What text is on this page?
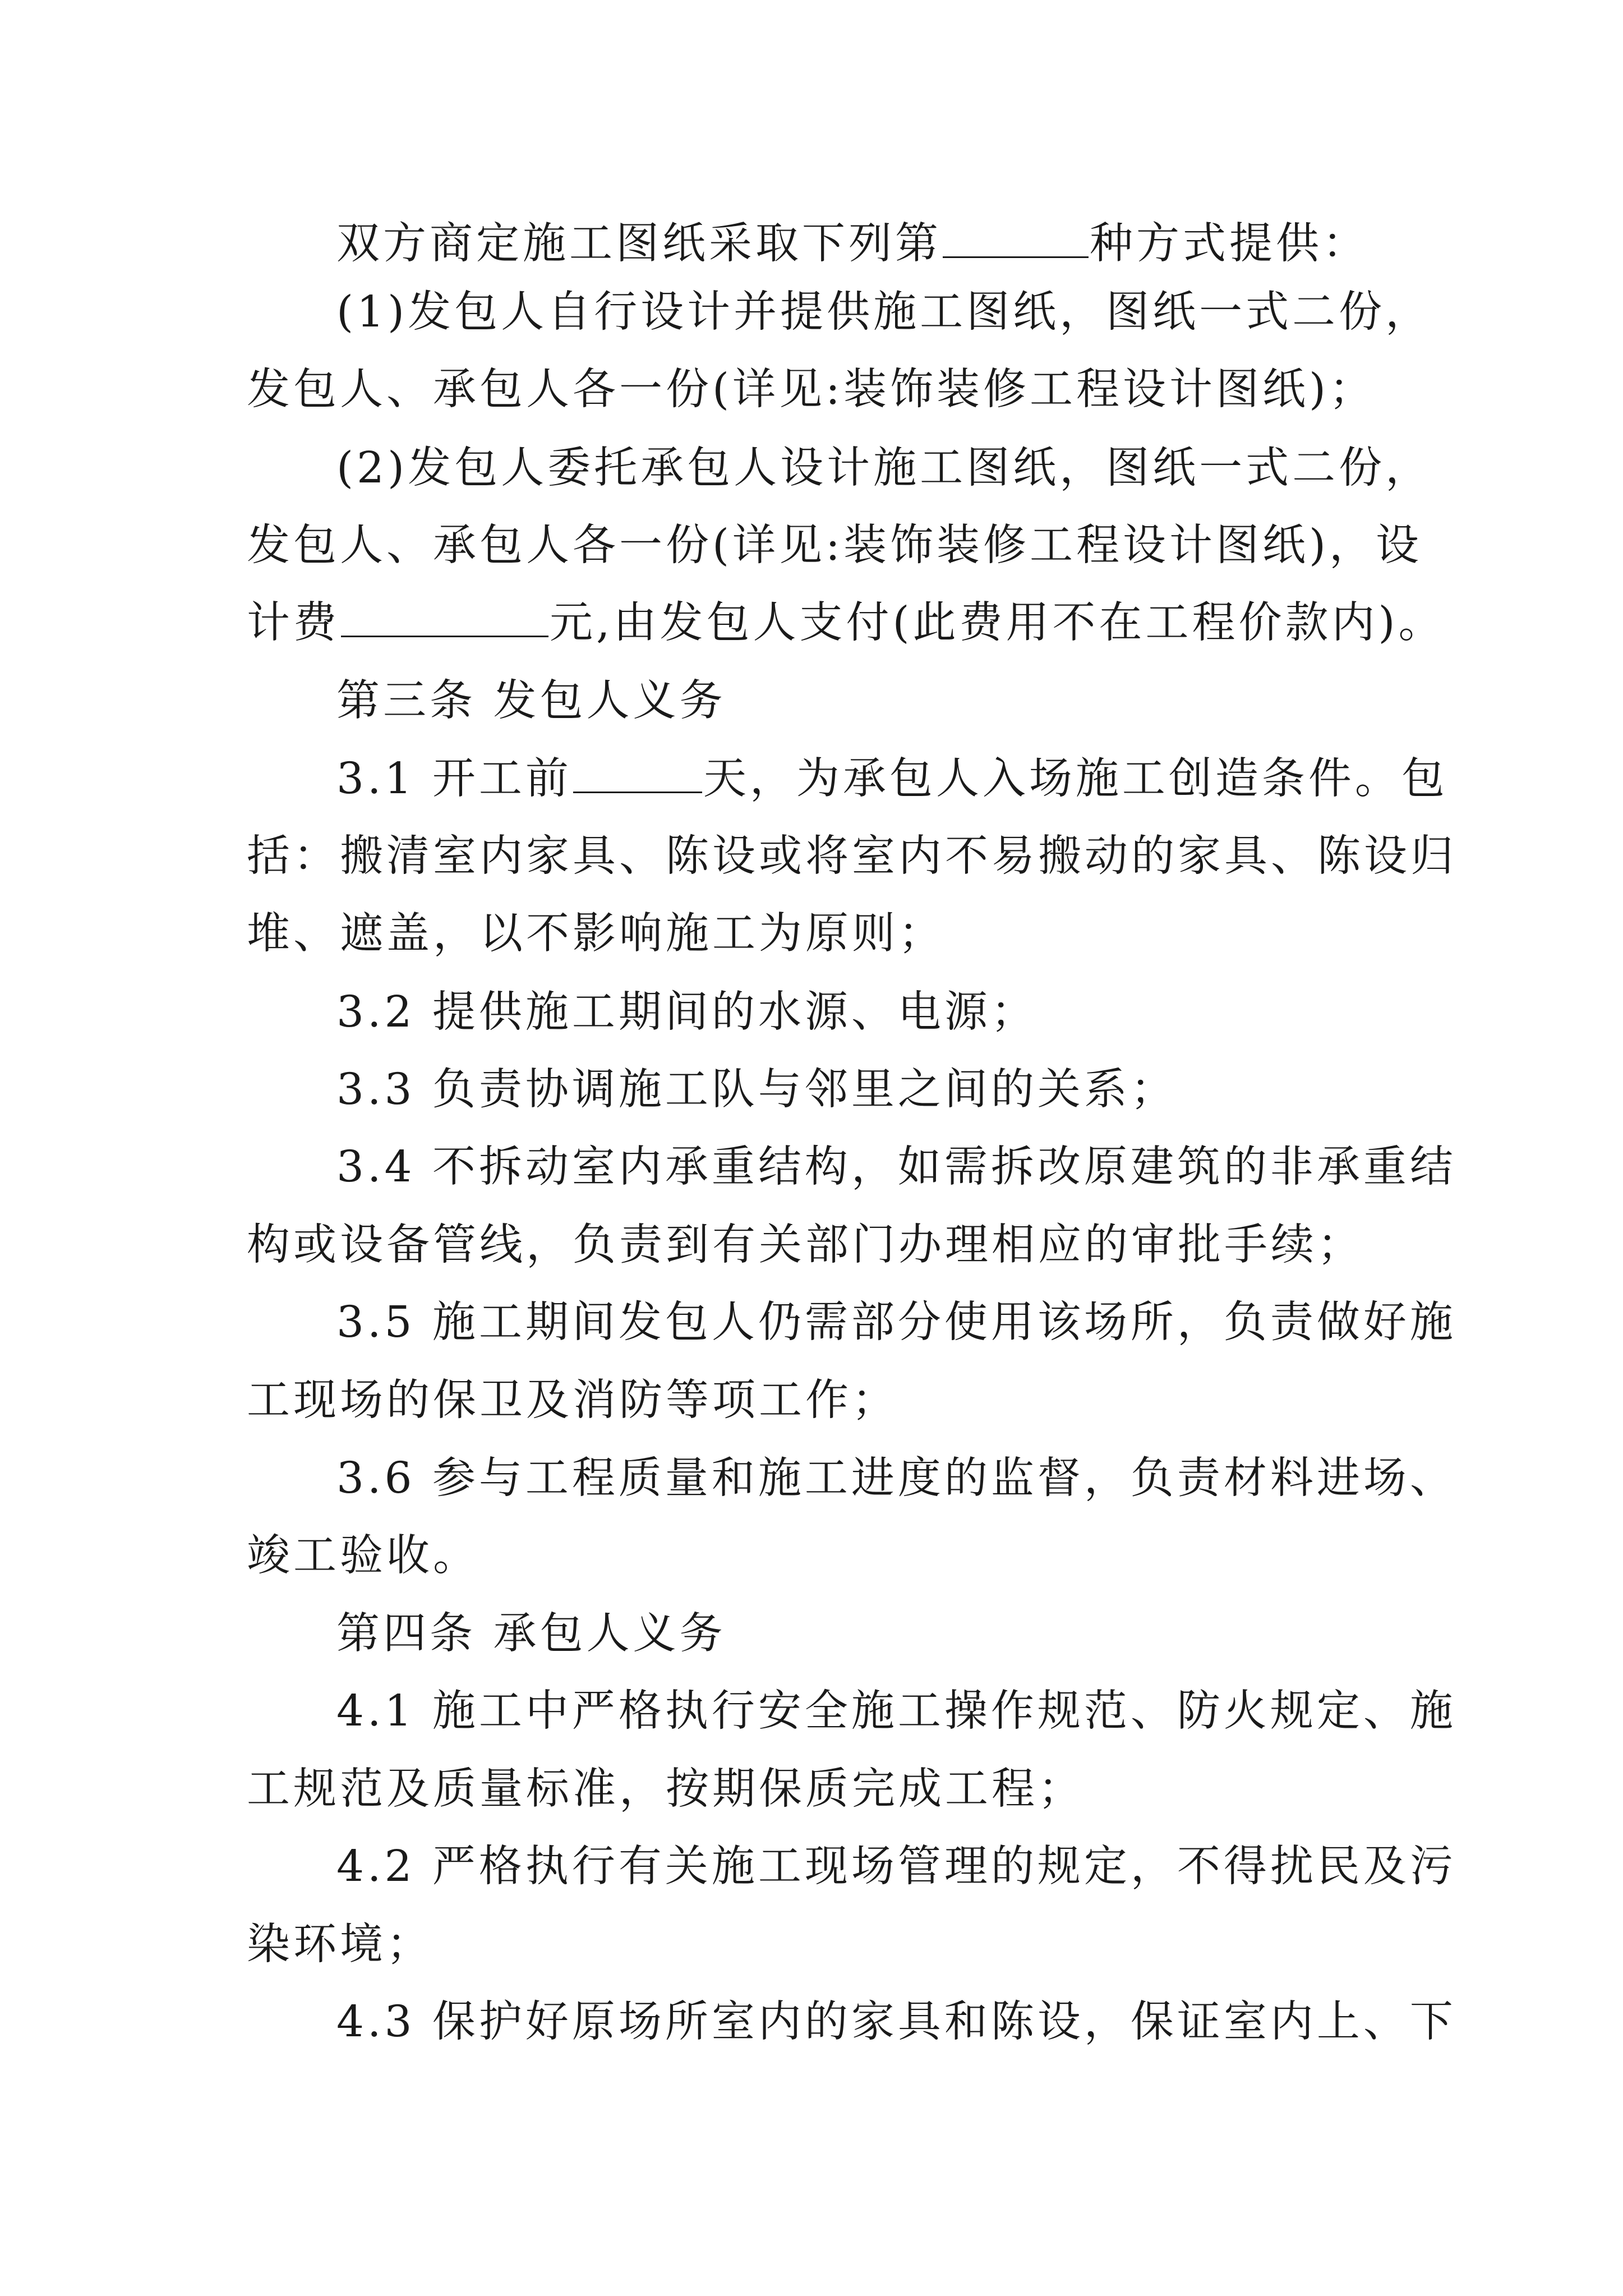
双方商定施工图纸采取下列第	种方式提供：
(1)发包人自行设计并提供施工图纸，图纸一式二份，
发包人、承包人各一份(详见:装饰装修工程设计图纸)；
(2)发包人委托承包人设计施工图纸，图纸一式二份，
发包人、承包人各一份(详见:装饰装修工程设计图纸)，设
计费	元,由发包人支付(此费用不在工程价款内)。
第三条 发包人义务
3.1 开工前	天，为承包人入场施工创造条件。包
括：搬清室内家具、陈设或将室内不易搬动的家具、陈设归
堆、遮盖，以不影响施工为原则；
3.2 提供施工期间的水源、电源；
3.3 负责协调施工队与邻里之间的关系；
3.4 不拆动室内承重结构，如需拆改原建筑的非承重结
构或设备管线，负责到有关部门办理相应的审批手续；
3.5 施工期间发包人仍需部分使用该场所，负责做好施
工现场的保卫及消防等项工作；
3.6 参与工程质量和施工进度的监督，负责材料进场、
竣工验收。
第四条 承包人义务
4.1 施工中严格执行安全施工操作规范、防火规定、施
工规范及质量标准，按期保质完成工程；
4.2 严格执行有关施工现场管理的规定，不得扰民及污
染环境；
4.3 保护好原场所室内的家具和陈设，保证室内上、下
